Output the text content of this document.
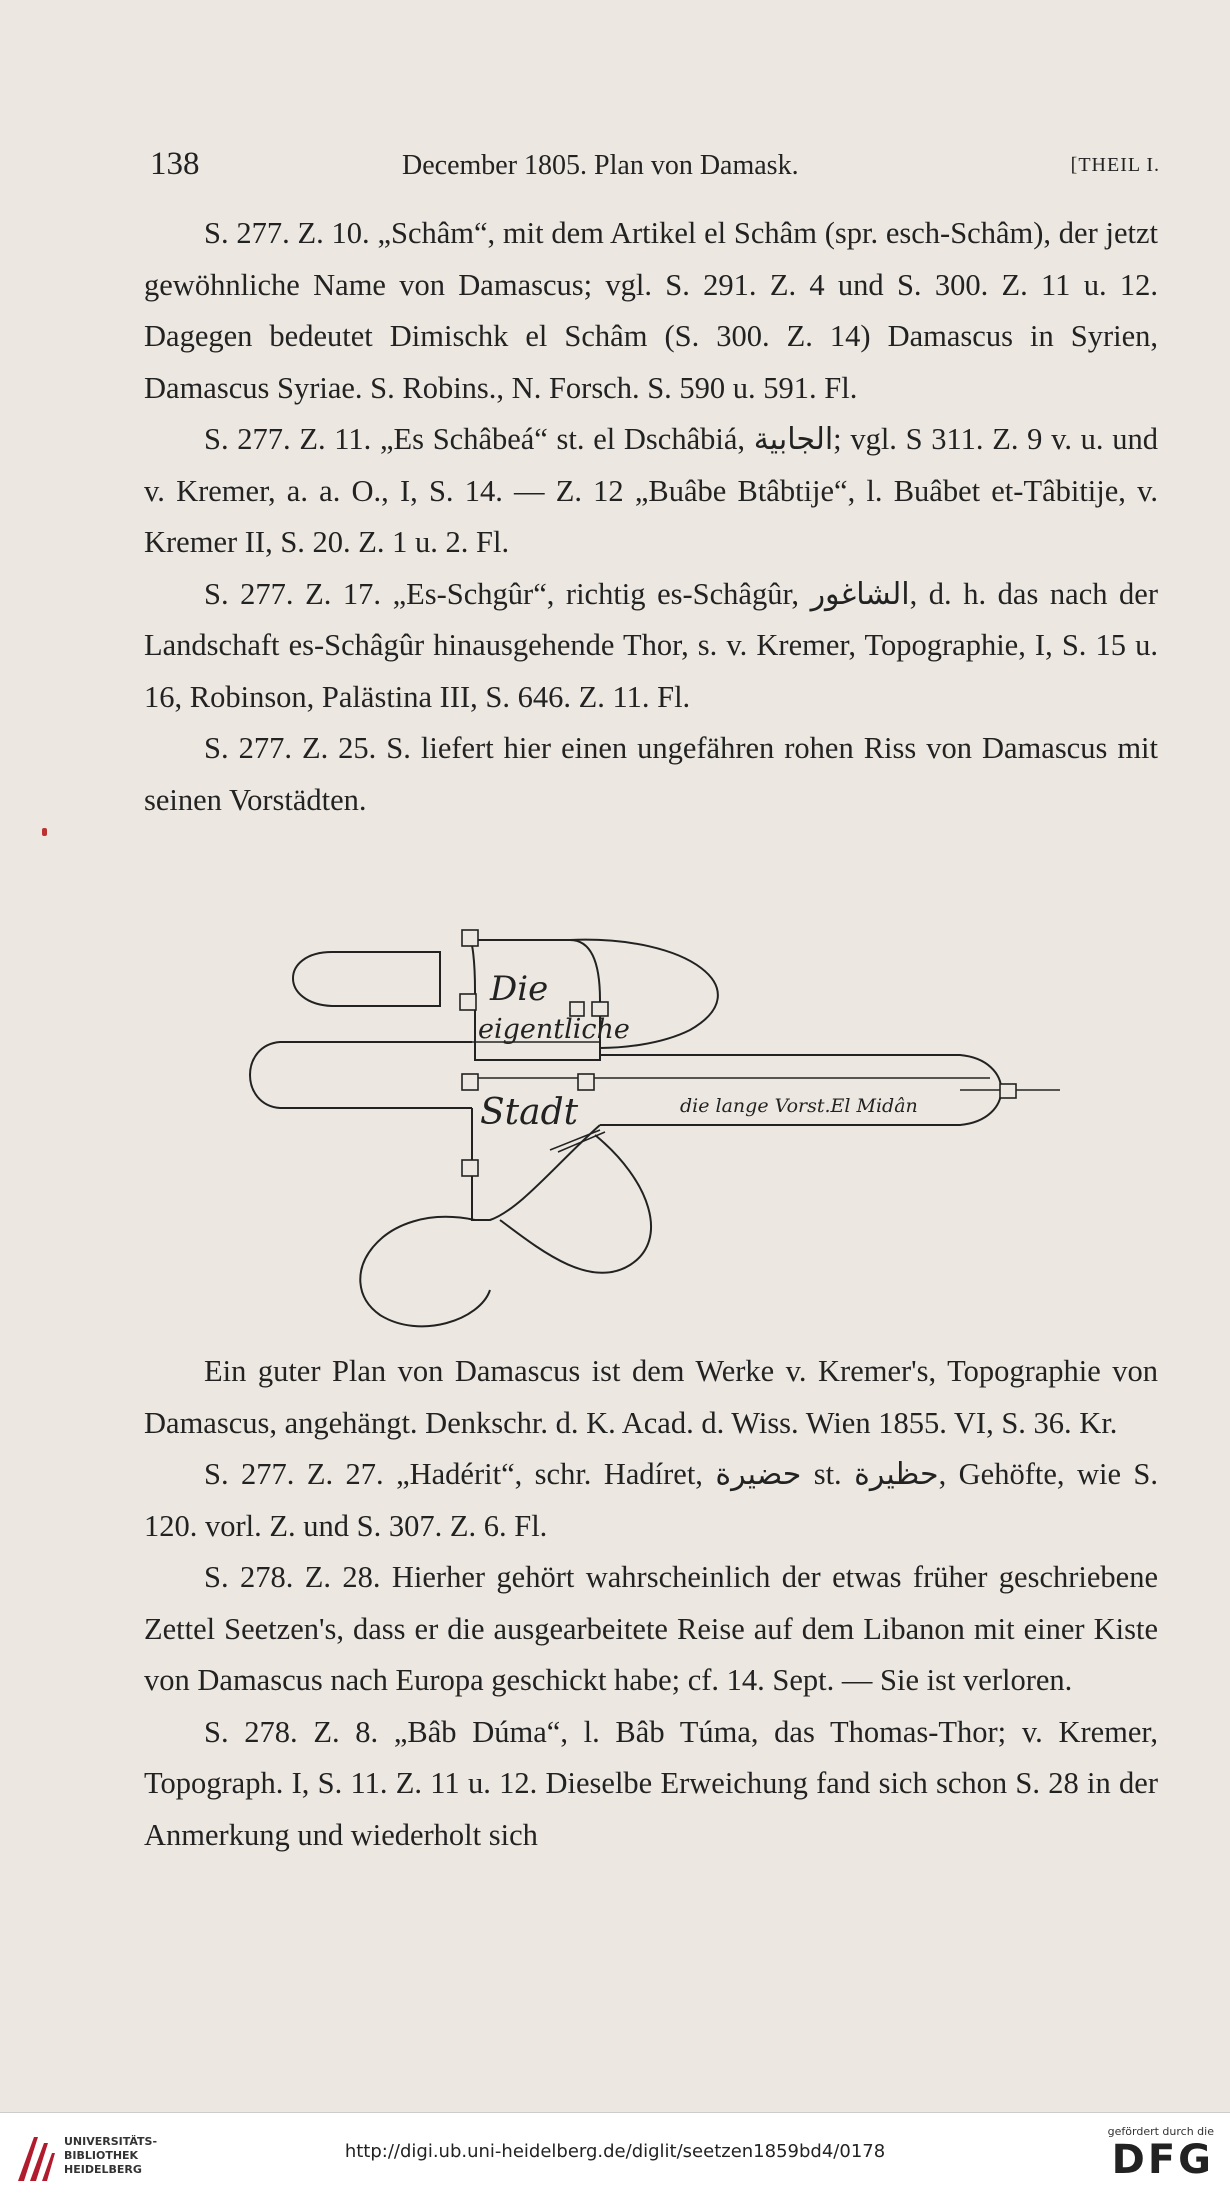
138	December 1805. Plan von Damask.	[THEIL I.

S. 277. Z. 10. „Schâm“, mit dem Artikel el Schâm (spr. esch-Schâm), der jetzt gewöhnliche Name von Damascus; vgl. S. 291. Z. 4 und S. 300. Z. 11 u. 12. Dagegen bedeutet Dimischk el Schâm (S. 300. Z. 14) Damascus in Syrien, Damascus Syriae. S. Robins., N. Forsch. S. 590 u. 591. Fl.

S. 277. Z. 11. „Es Schâbeá“ st. el Dschâbiá, الجابية; vgl. S 311. Z. 9 v. u. und v. Kremer, a. a. O., I, S. 14. — Z. 12 „Buâbe Btâbtije“, l. Buâbet et-Tâbitije, v. Kremer II, S. 20. Z. 1 u. 2. Fl.

S. 277. Z. 17. „Es-Schgûr“, richtig es-Schâgûr, الشاغور, d. h. das nach der Landschaft es-Schâgûr hinausgehende Thor, s. v. Kremer, Topographie, I, S. 15 u. 16, Robinson, Palästina III, S. 646. Z. 11. Fl.

S. 277. Z. 25. S. liefert hier einen ungefähren rohen Riss von Damascus mit seinen Vorstädten.

Die
eigentliche
Stadt	die lange Vorst.El Midân

Ein guter Plan von Damascus ist dem Werke v. Kremer's, Topographie von Damascus, angehängt. Denkschr. d. K. Acad. d. Wiss. Wien 1855. VI, S. 36. Kr.

S. 277. Z. 27. „Hadérit“, schr. Hadíret, حضيرة st. حظيرة, Gehöfte, wie S. 120. vorl. Z. und S. 307. Z. 6. Fl.

S. 278. Z. 28. Hierher gehört wahrscheinlich der etwas früher geschriebene Zettel Seetzen's, dass er die ausgearbeitete Reise auf dem Libanon mit einer Kiste von Damascus nach Europa geschickt habe; cf. 14. Sept. — Sie ist verloren.

S. 278. Z. 8. „Bâb Dúma“, l. Bâb Túma, das Thomas-Thor; v. Kremer, Topograph. I, S. 11. Z. 11 u. 12. Dieselbe Erweichung fand sich schon S. 28 in der Anmerkung und wiederholt sich

UNIVERSITÄTS-
BIBLIOTHEK
HEIDELBERG
http://digi.ub.uni-heidelberg.de/diglit/seetzen1859bd4/0178
gefördert durch die
DFG
